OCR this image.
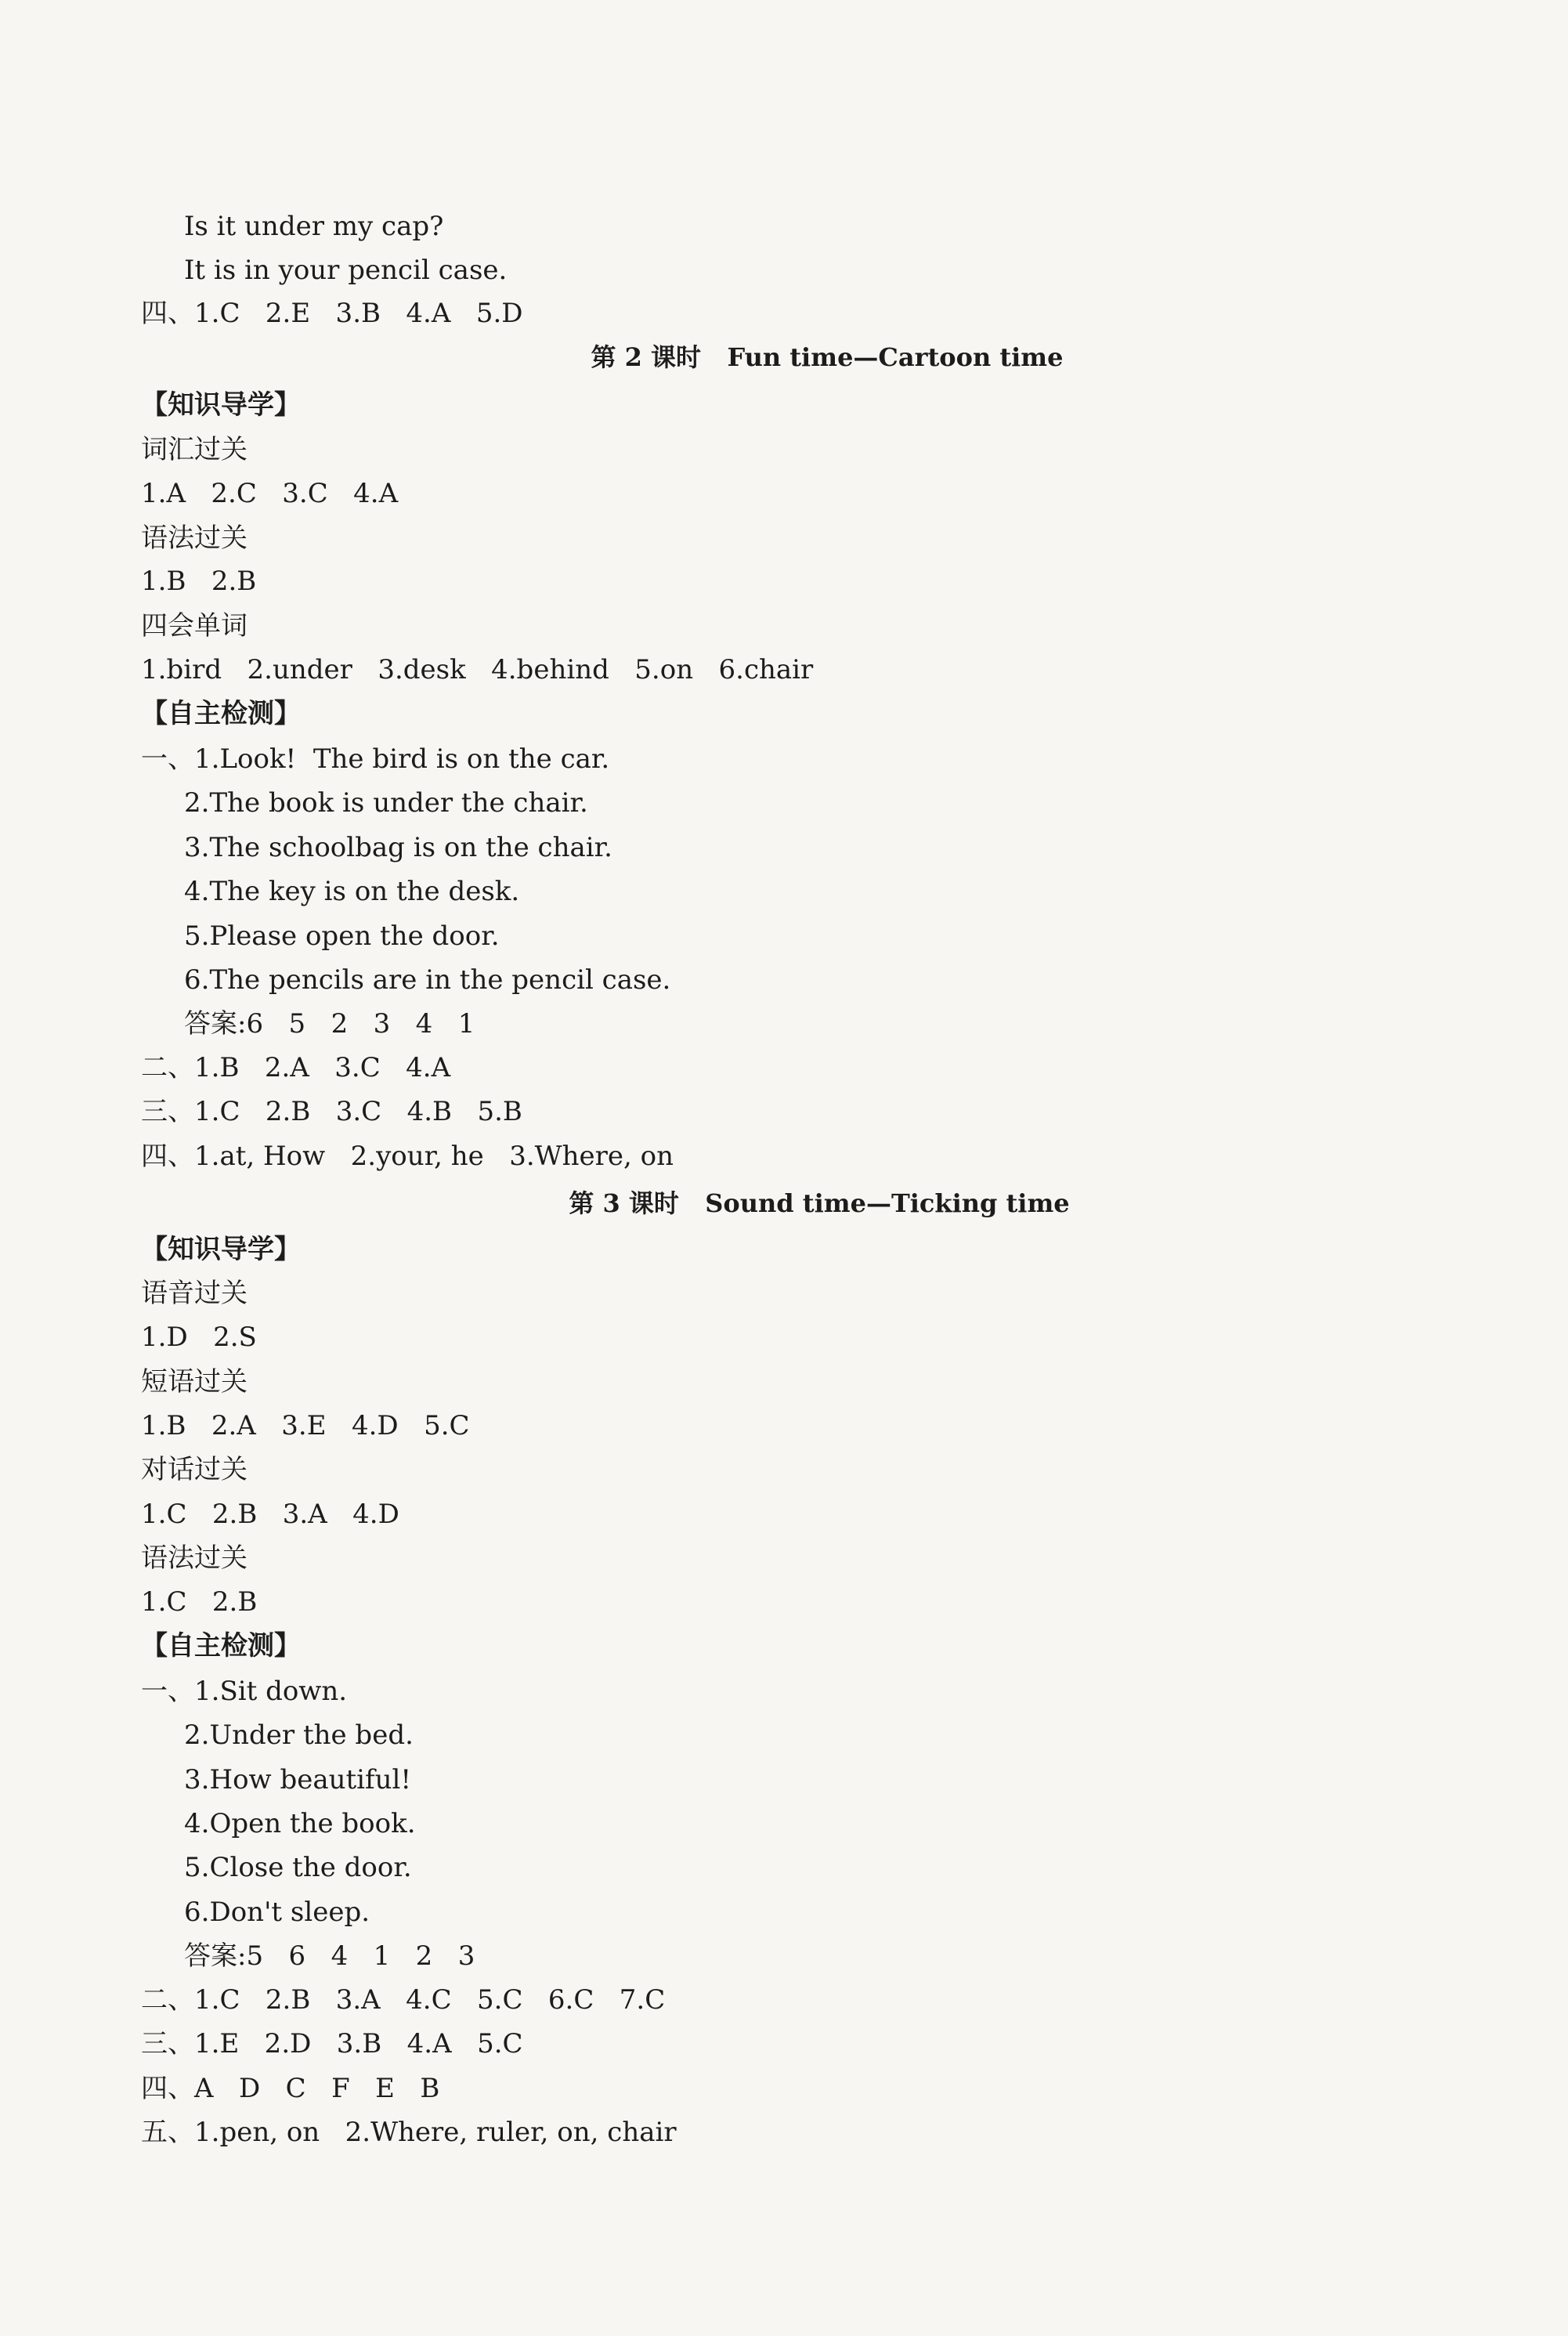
Is it under my cap?
It is in your pencil case.
四、1.C   2.E   3.B   4.A   5.D
第 2 课时   Fun time—Cartoon time
【知识导学】
词汇过关
1.A   2.C   3.C   4.A
语法过关
1.B   2.B
四会单词
1.bird   2.under   3.desk   4.behind   5.on   6.chair
【自主检测】
一、1.Look!  The bird is on the car.
2.The book is under the chair.
3.The schoolbag is on the chair.
4.The key is on the desk.
5.Please open the door.
6.The pencils are in the pencil case.
答案:6   5   2   3   4   1
二、1.B   2.A   3.C   4.A
三、1.C   2.B   3.C   4.B   5.B
四、1.at, How   2.your, he   3.Where, on
第 3 课时   Sound time—Ticking time
【知识导学】
语音过关
1.D   2.S
短语过关
1.B   2.A   3.E   4.D   5.C
对话过关
1.C   2.B   3.A   4.D
语法过关
1.C   2.B
【自主检测】
一、1.Sit down.
2.Under the bed.
3.How beautiful!
4.Open the book.
5.Close the door.
6.Don't sleep.
答案:5   6   4   1   2   3
二、1.C   2.B   3.A   4.C   5.C   6.C   7.C
三、1.E   2.D   3.B   4.A   5.C
四、A   D   C   F   E   B
五、1.pen, on   2.Where, ruler, on, chair
